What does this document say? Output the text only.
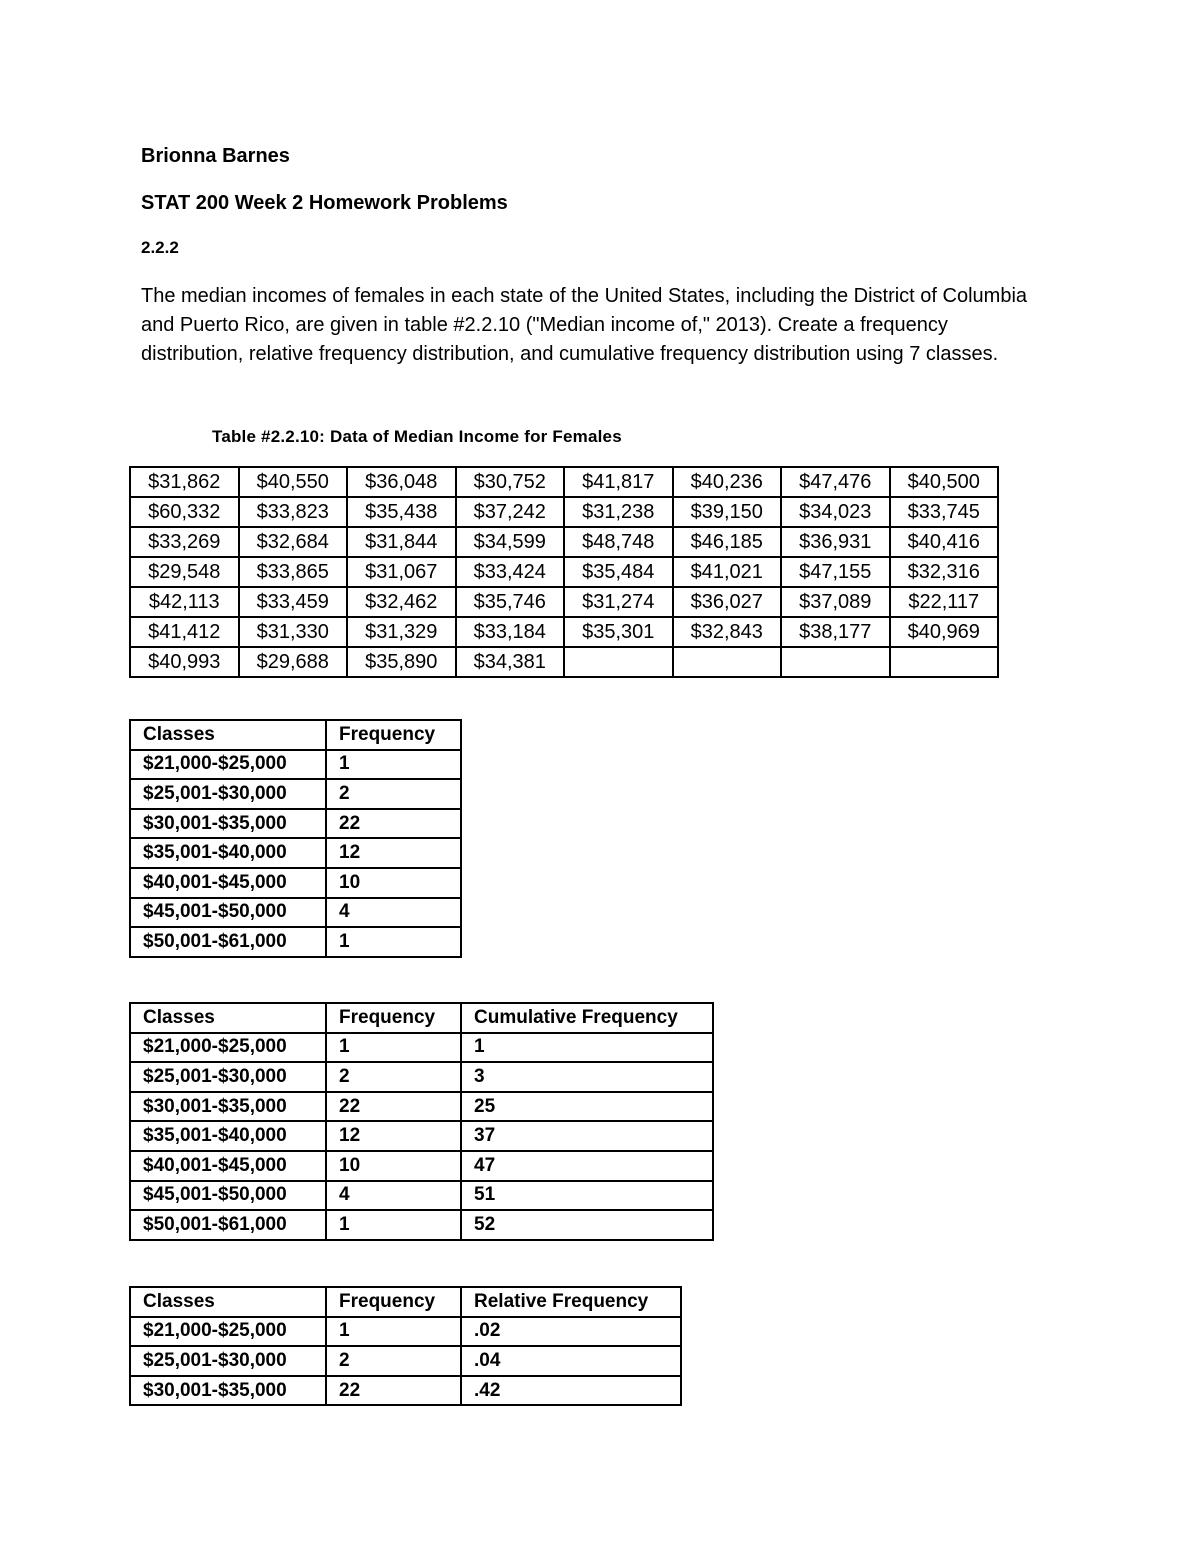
Brionna Barnes
STAT 200 Week 2 Homework Problems
2.2.2
The median incomes of females in each state of the United States, including the District of Columbia and Puerto Rico, are given in table #2.2.10 ("Median income of," 2013). Create a frequency distribution, relative frequency distribution, and cumulative frequency distribution using 7 classes.
Table #2.2.10: Data of Median Income for Females
$31,862	$40,550	$36,048	$30,752	$41,817	$40,236	$47,476	$40,500
$60,332	$33,823	$35,438	$37,242	$31,238	$39,150	$34,023	$33,745
$33,269	$32,684	$31,844	$34,599	$48,748	$46,185	$36,931	$40,416
$29,548	$33,865	$31,067	$33,424	$35,484	$41,021	$47,155	$32,316
$42,113	$33,459	$32,462	$35,746	$31,274	$36,027	$37,089	$22,117
$41,412	$31,330	$31,329	$33,184	$35,301	$32,843	$38,177	$40,969
$40,993	$29,688	$35,890	$34,381				
Classes	Frequency
$21,000-$25,000	1
$25,001-$30,000	2
$30,001-$35,000	22
$35,001-$40,000	12
$40,001-$45,000	10
$45,001-$50,000	4
$50,001-$61,000	1
Classes	Frequency	Cumulative Frequency
$21,000-$25,000	1	1
$25,001-$30,000	2	3
$30,001-$35,000	22	25
$35,001-$40,000	12	37
$40,001-$45,000	10	47
$45,001-$50,000	4	51
$50,001-$61,000	1	52
Classes	Frequency	Relative Frequency
$21,000-$25,000	1	.02
$25,001-$30,000	2	.04
$30,001-$35,000	22	.42
